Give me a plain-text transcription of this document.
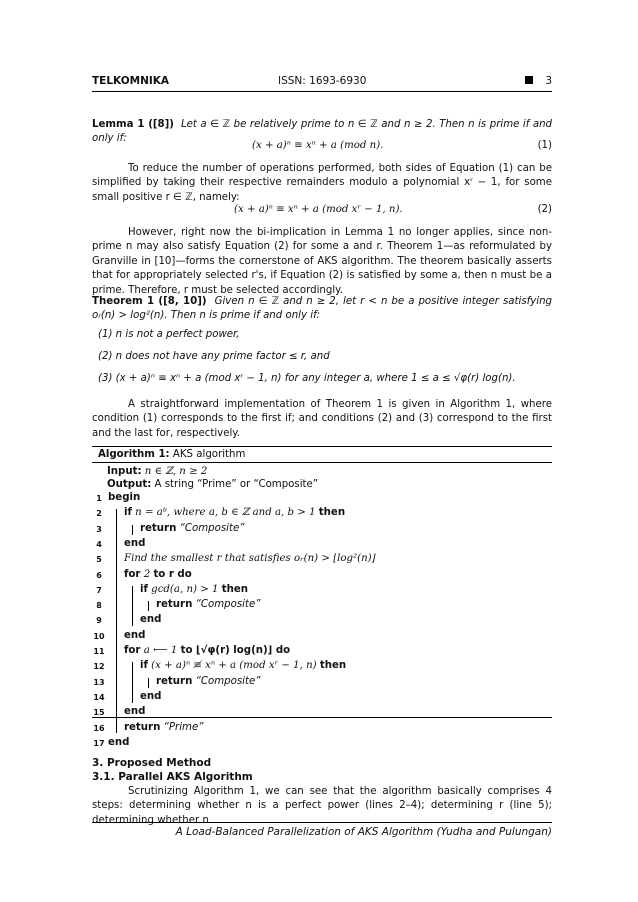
TELKOMNIKA	ISSN: 1693-6930	3
Lemma 1 ([8]) Let a ∈ ℤ be relatively prime to n ∈ ℤ and n ≥ 2. Then n is prime if and only if:
(x + a)ⁿ ≡ xⁿ + a (mod n).	(1)
To reduce the number of operations performed, both sides of Equation (1) can be simplified by taking their respective remainders modulo a polynomial xʳ − 1, for some small positive r ∈ ℤ, namely:
(x + a)ⁿ ≡ xⁿ + a (mod xʳ − 1, n).	(2)
However, right now the bi-implication in Lemma 1 no longer applies, since non-prime n may also satisfy Equation (2) for some a and r. Theorem 1—as reformulated by Granville in [10]—forms the cornerstone of AKS algorithm. The theorem basically asserts that for appropriately selected r's, if Equation (2) is satisfied by some a, then n must be a prime. Therefore, r must be selected accordingly.
Theorem 1 ([8, 10]) Given n ∈ ℤ and n ≥ 2, let r < n be a positive integer satisfying oᵣ(n) > log²(n). Then n is prime if and only if:
(1) n is not a perfect power,
(2) n does not have any prime factor ≤ r, and
(3) (x + a)ⁿ ≡ xⁿ + a (mod xʳ − 1, n) for any integer a, where 1 ≤ a ≤ √φ(r) log(n).
A straightforward implementation of Theorem 1 is given in Algorithm 1, where condition (1) corresponds to the first if; and conditions (2) and (3) correspond to the first and the last for, respectively.
Algorithm 1: AKS algorithm
Input: n ∈ ℤ, n ≥ 2
Output: A string “Prime” or “Composite”
1 begin
2	if n = aᵇ, where a, b ∈ ℤ and a, b > 1 then
3	return “Composite”
4	end
5	Find the smallest r that satisfies oᵣ(n) > ⌊log²(n)⌋
6	for 2 to r do
7	if gcd(a, n) > 1 then
8	return “Composite”
9	end
10 end
11 for a ⟵ 1 to ⌊√φ(r) log(n)⌋ do
12	if (x + a)ⁿ ≢ xⁿ + a (mod xʳ − 1, n) then
13	return “Composite”
14	end
15 end
16 return “Prime”
17 end
3. Proposed Method
3.1. Parallel AKS Algorithm
Scrutinizing Algorithm 1, we can see that the algorithm basically comprises 4 steps: determining whether n is a perfect power (lines 2–4); determining r (line 5); determining whether n
A Load-Balanced Parallelization of AKS Algorithm (Yudha and Pulungan)
